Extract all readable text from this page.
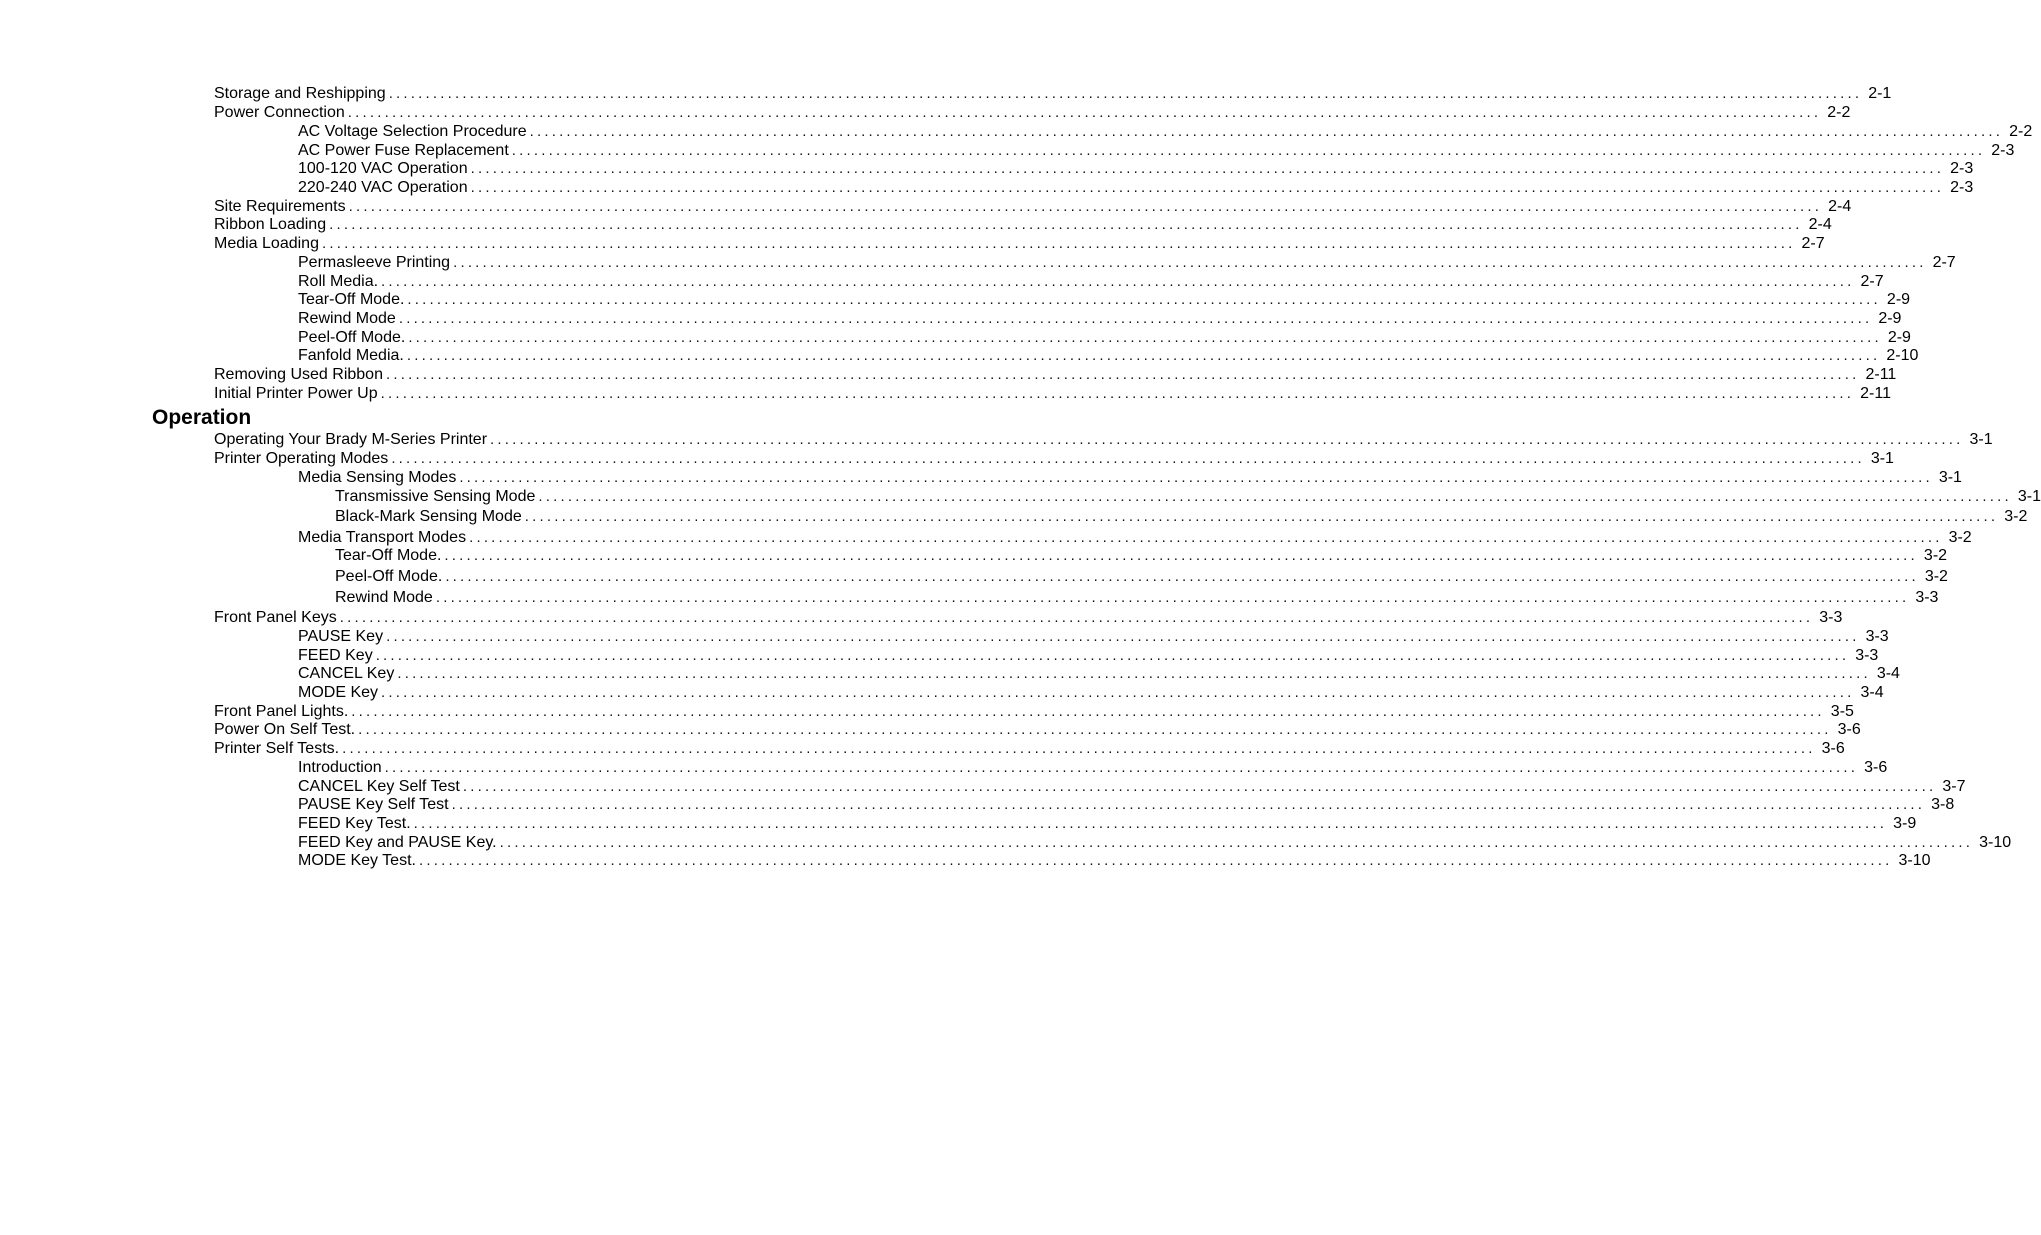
Storage and Reshipping ........................................................................................................................................................................................................ 2-1
Power Connection ........................................................................................................................................................................................................ 2-2
AC Voltage Selection Procedure ........................................................................................................................................................................................................ 2-2
AC Power Fuse Replacement ........................................................................................................................................................................................................ 2-3
100-120 VAC Operation ........................................................................................................................................................................................................ 2-3
220-240 VAC Operation ........................................................................................................................................................................................................ 2-3
Site Requirements ........................................................................................................................................................................................................ 2-4
Ribbon Loading ........................................................................................................................................................................................................ 2-4
Media Loading ........................................................................................................................................................................................................ 2-7
Permasleeve Printing ........................................................................................................................................................................................................ 2-7
Roll Media. ........................................................................................................................................................................................................ 2-7
Tear-Off Mode. ........................................................................................................................................................................................................ 2-9
Rewind Mode ........................................................................................................................................................................................................ 2-9
Peel-Off Mode. ........................................................................................................................................................................................................ 2-9
Fanfold Media. ........................................................................................................................................................................................................ 2-10
Removing Used Ribbon ........................................................................................................................................................................................................ 2-11
Initial Printer Power Up ........................................................................................................................................................................................................ 2-11
Operation
Operating Your Brady M-Series Printer ........................................................................................................................................................................................................ 3-1
Printer Operating Modes ........................................................................................................................................................................................................ 3-1
Media Sensing Modes ........................................................................................................................................................................................................ 3-1
Transmissive Sensing Mode ........................................................................................................................................................................................................ 3-1
Black-Mark Sensing Mode ........................................................................................................................................................................................................ 3-2
Media Transport Modes ........................................................................................................................................................................................................ 3-2
Tear-Off Mode. ........................................................................................................................................................................................................ 3-2
Peel-Off Mode. ........................................................................................................................................................................................................ 3-2
Rewind Mode ........................................................................................................................................................................................................ 3-3
Front Panel Keys ........................................................................................................................................................................................................ 3-3
PAUSE Key ........................................................................................................................................................................................................ 3-3
FEED Key ........................................................................................................................................................................................................ 3-3
CANCEL Key ........................................................................................................................................................................................................ 3-4
MODE Key ........................................................................................................................................................................................................ 3-4
Front Panel Lights. ........................................................................................................................................................................................................ 3-5
Power On Self Test. ........................................................................................................................................................................................................ 3-6
Printer Self Tests. ........................................................................................................................................................................................................ 3-6
Introduction ........................................................................................................................................................................................................ 3-6
CANCEL Key Self Test ........................................................................................................................................................................................................ 3-7
PAUSE Key Self Test ........................................................................................................................................................................................................ 3-8
FEED Key Test. ........................................................................................................................................................................................................ 3-9
FEED Key and PAUSE Key. ........................................................................................................................................................................................................ 3-10
MODE Key Test. ........................................................................................................................................................................................................ 3-10
